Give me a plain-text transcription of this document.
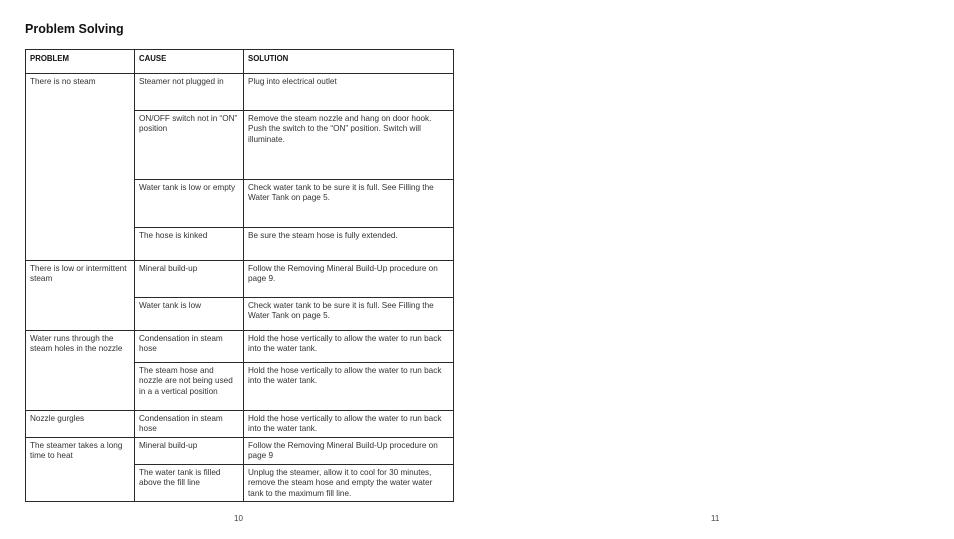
Problem Solving
PROBLEM	CAUSE	SOLUTION
There is no steam	Steamer not plugged in	Plug into electrical outlet
	ON/OFF switch not in “ON” position	Remove the steam nozzle and hang on door hook. Push the switch to the “ON” position. Switch will illuminate.
	Water tank is low or empty	Check water tank to be sure it is full. See Filling the Water Tank on page 5.
	The hose is kinked	Be sure the steam hose is fully extended.
There is low or intermittent steam	Mineral build-up	Follow the Removing Mineral Build-Up procedure on page 9.
	Water tank is low	Check water tank to be sure it is full. See Filling the Water Tank on page 5.
Water runs through the steam holes in the nozzle	Condensation in steam hose	Hold the hose vertically to allow the water to run back into the water tank.
	The steam hose and nozzle are not being used in a a vertical position	Hold the hose vertically to allow the water to run back into the water tank.
Nozzle gurgles	Condensation in steam hose	Hold the hose vertically to allow the water to run back into the water tank.
The steamer takes a long time to heat	Mineral build-up	Follow the Removing Mineral Build-Up procedure on page 9
	The water tank is filled above the fill line	Unplug the steamer, allow it to cool for 30 minutes, remove the steam hose and empty the water water tank to the maximum fill line.
10	11
